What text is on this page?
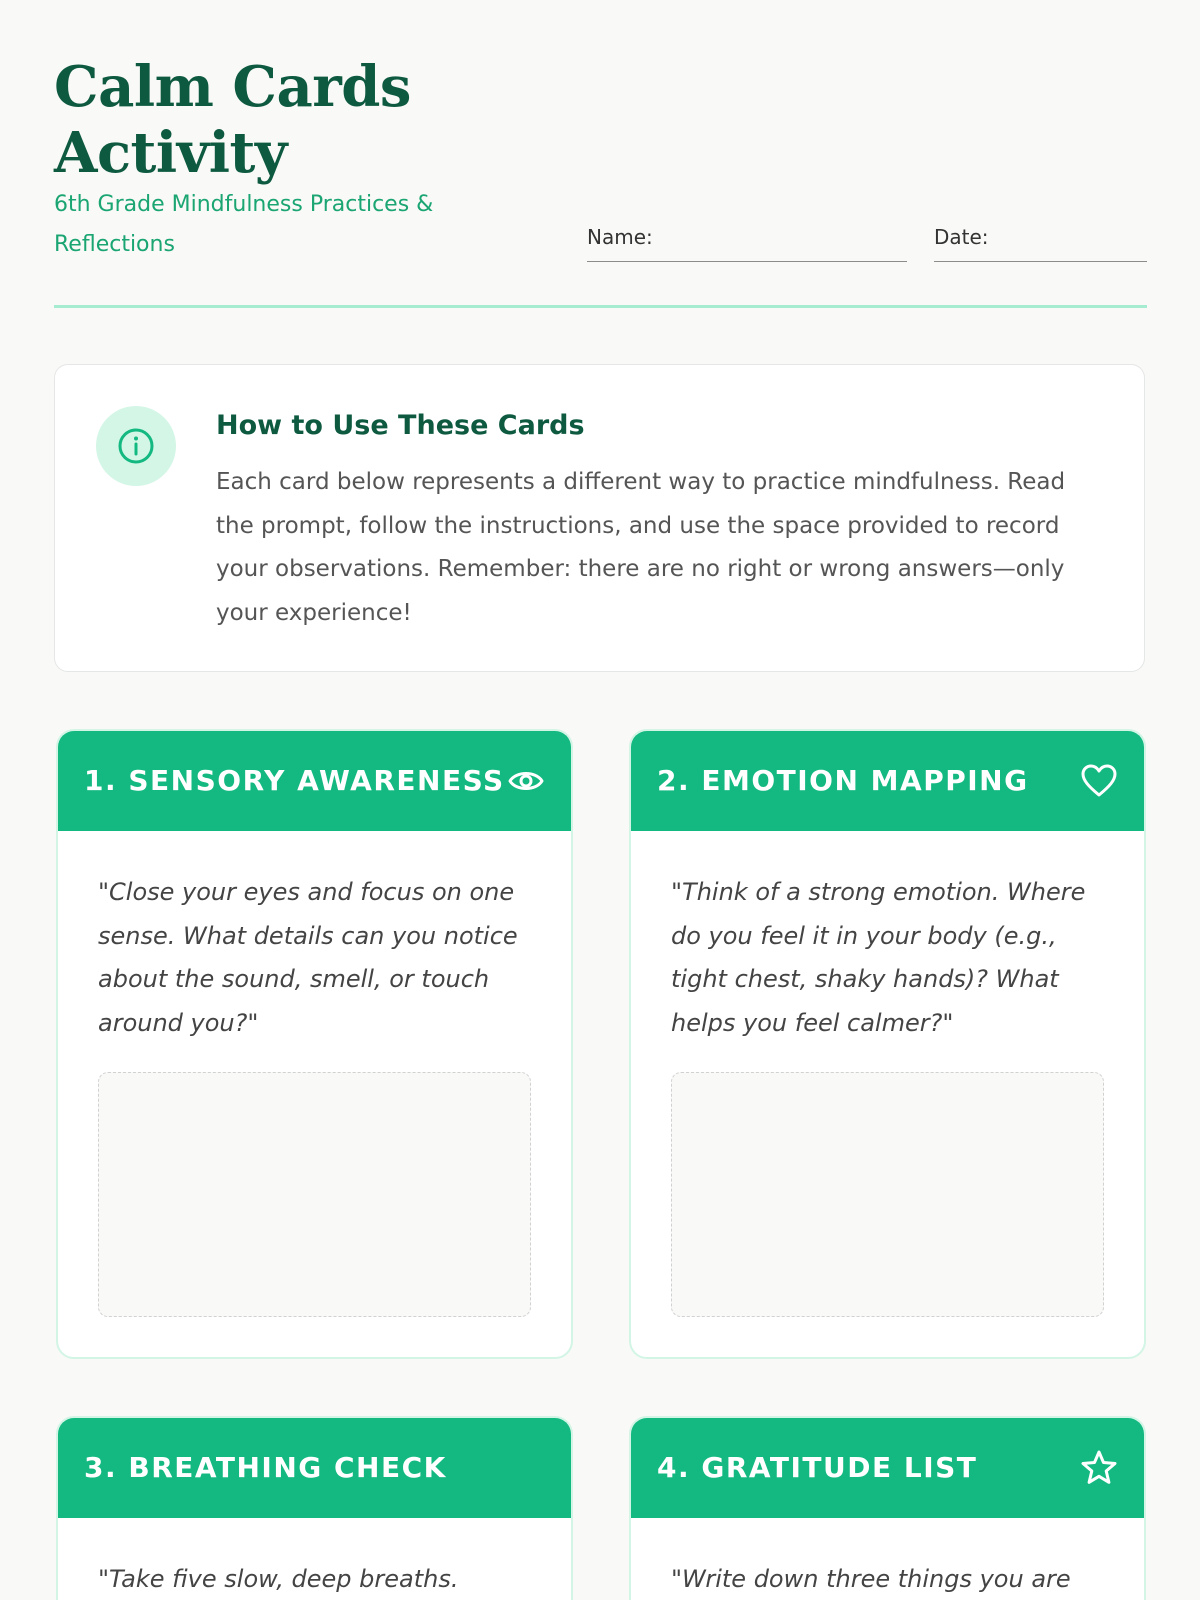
Calm Cards Activity
6th Grade Mindfulness Practices & Reflections	Name:	Date:
How to Use These Cards
Each card below represents a different way to practice mindfulness. Read the prompt, follow the instructions, and use the space provided to record your observations. Remember: there are no right or wrong answers—only your experience!
1. SENSORY AWARENESS
"Close your eyes and focus on one sense. What details can you notice about the sound, smell, or touch around you?"
2. EMOTION MAPPING
"Think of a strong emotion. Where do you feel it in your body (e.g., tight chest, shaky hands)? What helps you feel calmer?"
3. BREATHING CHECK
"Take five slow, deep breaths.
4. GRATITUDE LIST
"Write down three things you are
